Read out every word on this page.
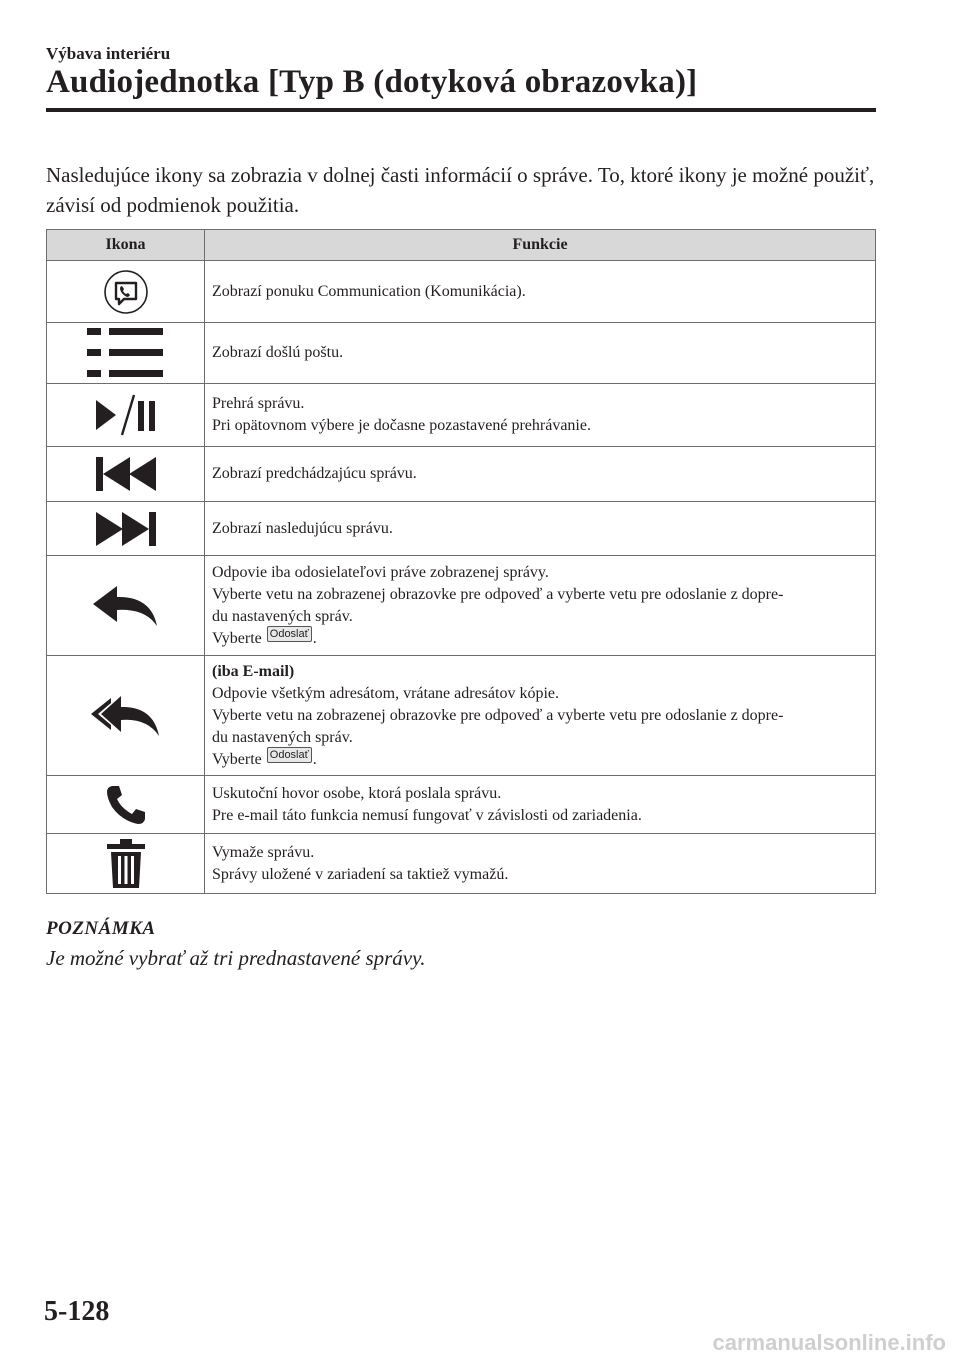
Výbava interiéru
Audiojednotka [Typ B (dotyková obrazovka)]
Nasledujúce ikony sa zobrazia v dolnej časti informácií o správe. To, ktoré ikony je možné použiť, závisí od podmienok použitia.
Ikona	Funkcie

Zobrazí ponuku Communication (Komunikácia).

Zobrazí došlú poštu.

Prehrá správu.
Pri opätovnom výbere je dočasne pozastavené prehrávanie.

Zobrazí predchádzajúcu správu.

Zobrazí nasledujúcu správu.

Odpovie iba odosielateľovi práve zobrazenej správy.
Vyberte vetu na zobrazenej obrazovke pre odpoveď a vyberte vetu pre odoslanie z dopre-
du nastavených správ.
Vyberte Odoslať .

(iba E-mail)
Odpovie všetkým adresátom, vrátane adresátov kópie.
Vyberte vetu na zobrazenej obrazovke pre odpoveď a vyberte vetu pre odoslanie z dopre-
du nastavených správ.
Vyberte Odoslať .

Uskutoční hovor osobe, ktorá poslala správu.
Pre e-mail táto funkcia nemusí fungovať v závislosti od zariadenia.

Vymaže správu.
Správy uložené v zariadení sa taktiež vymažú.
POZNÁMKA
Je možné vybrať až tri prednastavené správy.
5-128
carmanualsonline.info
